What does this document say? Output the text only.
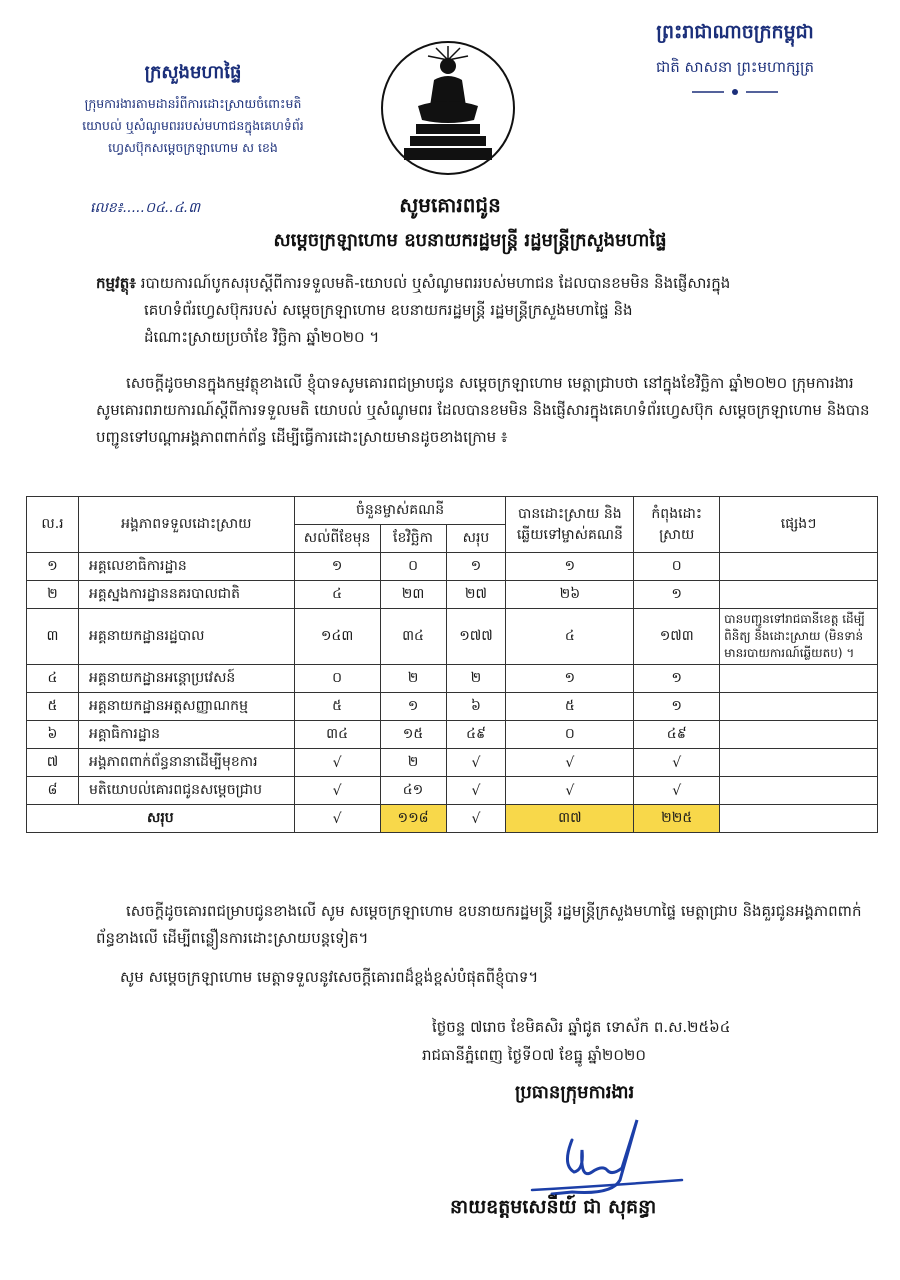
ក្រសួងមហាផ្ទៃ
ក្រុមការងារតាមដានរំពីការដោះស្រាយចំពោះមតិ
យោបល់ ឬសំណូមពររបស់មហាជនក្នុងគេហទំព័រ
ហ្វេសប៊ុកសម្តេចក្រឡាហោម ស ខេង
ព្រះរាជាណាចក្រកម្ពុជា
ជាតិ សាសនា ព្រះមហាក្សត្រ
លេខ៖.....០៤..៤.៣	សូមគោរពជូន
សម្តេចក្រឡាហោម ឧបនាយករដ្ឋមន្ត្រី រដ្ឋមន្ត្រីក្រសួងមហាផ្ទៃ
កម្មវត្ថុ៖ របាយការណ៍បូកសរុបស្តីពីការទទួលមតិ-យោបល់ ឬសំណូមពររបស់មហាជន ដែលបានខមមិន និងផ្ញើសារក្នុង
គេហទំព័រហ្វេសប៊ុករបស់ សម្តេចក្រឡាហោម ឧបនាយករដ្ឋមន្ត្រី រដ្ឋមន្ត្រីក្រសួងមហាផ្ទៃ និង
ដំណោះស្រាយប្រចាំខែ វិច្ឆិកា ឆ្នាំ២០២០ ។
សេចក្តីដូចមានក្នុងកម្មវត្ថុខាងលើ ខ្ញុំបាទសូមគោរពជម្រាបជូន សម្តេចក្រឡាហោម មេត្តាជ្រាបថា នៅក្នុងខែវិច្ឆិកា ឆ្នាំ២០២០ ក្រុមការងារសូមគោរពរាយការណ៍ស្តីពីការទទួលមតិ យោបល់ ឬសំណូមពរ ដែលបានខមមិន និងផ្ញើសារក្នុងគេហទំព័រហ្វេសប៊ុក សម្តេចក្រឡាហោម និងបានបញ្ជូនទៅបណ្តាអង្គភាពពាក់ព័ន្ធ ដើម្បីធ្វើការដោះស្រាយមានដូចខាងក្រោម ៖
ល.រ	អង្គភាពទទួលដោះស្រាយ	ចំនួនម្ចាស់គណនី			បានដោះស្រាយ និងឆ្លើយទៅម្ចាស់គណនី	កំពុងដោះស្រាយ	ផ្សេងៗ
		សល់ពីខែមុន	ខែវិច្ឆិកា	សរុប			
១	អគ្គលេខាធិការដ្ឋាន	១	០	១	១	០	
២	អគ្គស្នងការដ្ឋាននគរបាលជាតិ	៤	២៣	២៧	២៦	១	
៣	អគ្គនាយកដ្ឋានរដ្ឋបាល	១៤៣	៣៤	១៧៧	៤	១៧៣	បានបញ្ជូនទៅរាជធានីខេត្ត ដើម្បីពិនិត្យ និងដោះស្រាយ (មិនទាន់មានរបាយការណ៍ឆ្លើយតប) ។
៤	អគ្គនាយកដ្ឋានអន្តោប្រវេសន៍	០	២	២	១	១	
៥	អគ្គនាយកដ្ឋានអត្តសញ្ញាណកម្ម	៥	១	៦	៥	១	
៦	អគ្គាធិការដ្ឋាន	៣៤	១៥	៤៩	០	៤៩	
៧	អង្គភាពពាក់ព័ន្ធនានាដើម្បីមុខការ	√	២	√	√	√	
៨	មតិយោបល់គោរពជូនសម្តេចជ្រាប	√	៤១	√	√	√	
សរុប		√	១១៨	√	៣៧	២២៥	
សេចក្តីដូចគោរពជម្រាបជូនខាងលើ សូម សម្តេចក្រឡាហោម ឧបនាយករដ្ឋមន្ត្រី រដ្ឋមន្ត្រីក្រសួងមហាផ្ទៃ មេត្តាជ្រាប និងគួរជូនអង្គភាពពាក់ព័ន្ធខាងលើ ដើម្បីពន្លឿនការដោះស្រាយបន្តទៀត។
សូម សម្តេចក្រឡាហោម មេត្តាទទួលនូវសេចក្តីគោរពដ៏ខ្ពង់ខ្ពស់បំផុតពីខ្ញុំបាទ។
ថ្ងៃចន្ទ ៧រោច ខែមិគសិរ ឆ្នាំជូត ទោស័ក ព.ស.២៥៦៤
រាជធានីភ្នំពេញ ថ្ងៃទី០៧ ខែធ្នូ ឆ្នាំ២០២០
ប្រធានក្រុមការងារ
នាយឧត្តមសេនីយ៍ ជា សុគន្ធា
